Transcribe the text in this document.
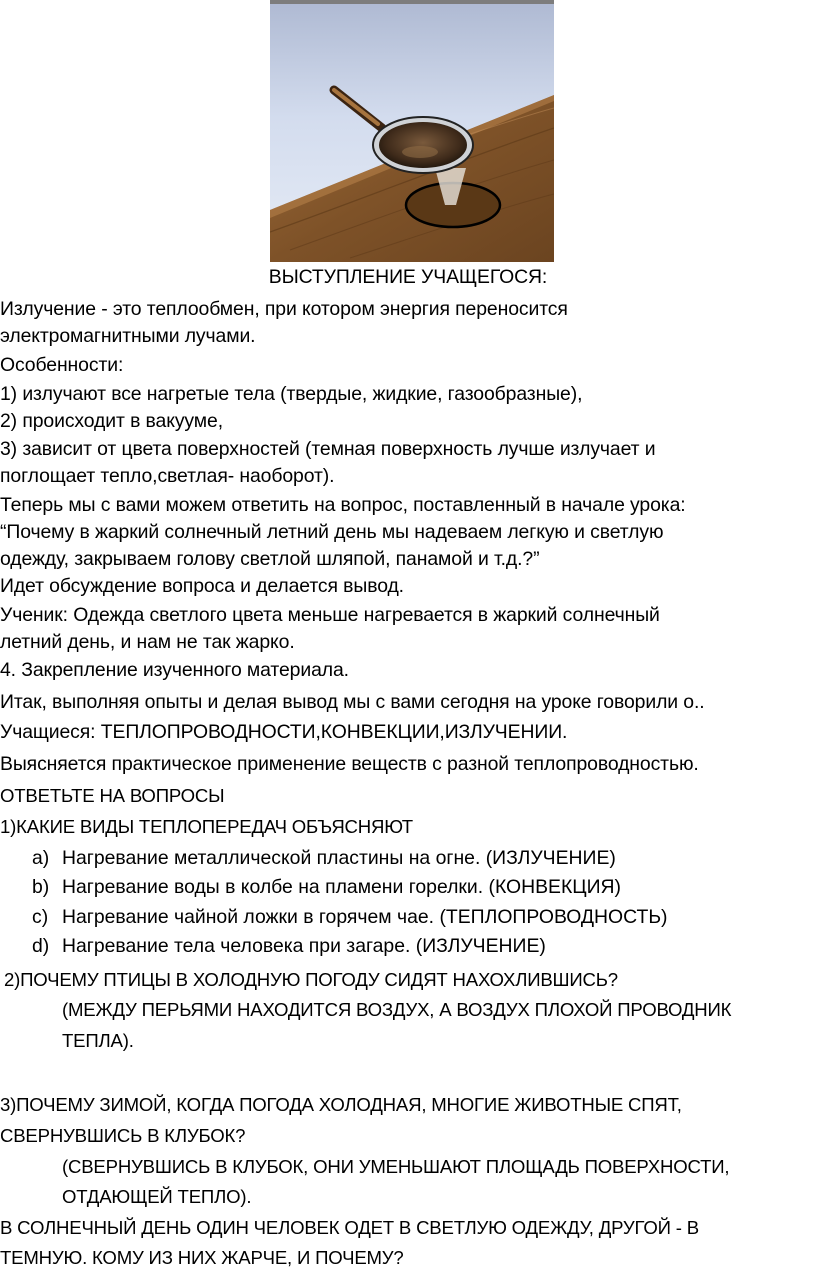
ВЫСТУПЛЕНИЕ УЧАЩЕГОСЯ:
Излучение - это теплообмен, при котором энергия переносится
электромагнитными лучами.
Особенности:
1) излучают все нагретые тела (твердые, жидкие, газообразные),
2) происходит в вакууме,
3) зависит от цвета поверхностей (темная поверхность лучше излучает и
поглощает тепло,светлая- наоборот).
Теперь мы с вами можем ответить на вопрос, поставленный в начале урока:
“Почему в жаркий солнечный летний день мы надеваем легкую и светлую
одежду, закрываем голову светлой шляпой, панамой и т.д.?”
Идет обсуждение вопроса и делается вывод.
Ученик: Одежда светлого цвета меньше нагревается в жаркий солнечный
летний день, и нам не так жарко.
4. Закрепление изученного материала.
Итак, выполняя опыты и делая вывод мы с вами сегодня на уроке говорили о..
Учащиеся: ТЕПЛОПРОВОДНОСТИ,КОНВЕКЦИИ,ИЗЛУЧЕНИИ.
Выясняется практическое применение веществ с разной теплопроводностью.
ОТВЕТЬТЕ НА ВОПРОСЫ
1)КАКИЕ ВИДЫ ТЕПЛОПЕРЕДАЧ ОБЪЯСНЯЮТ
a) Нагревание металлической пластины на огне. (ИЗЛУЧЕНИЕ)
b) Нагревание воды в колбе на пламени горелки. (КОНВЕКЦИЯ)
c) Нагревание чайной ложки в горячем чае. (ТЕПЛОПРОВОДНОСТЬ)
d) Нагревание тела человека при загаре. (ИЗЛУЧЕНИЕ)
2)ПОЧЕМУ ПТИЦЫ В ХОЛОДНУЮ ПОГОДУ СИДЯТ НАХОХЛИВШИСЬ?
(МЕЖДУ ПЕРЬЯМИ НАХОДИТСЯ ВОЗДУХ, А ВОЗДУХ ПЛОХОЙ ПРОВОДНИК
ТЕПЛА).
3)ПОЧЕМУ ЗИМОЙ, КОГДА ПОГОДА ХОЛОДНАЯ, МНОГИЕ ЖИВОТНЫЕ СПЯТ,
СВЕРНУВШИСЬ В КЛУБОК?
(СВЕРНУВШИСЬ В КЛУБОК, ОНИ УМЕНЬШАЮТ ПЛОЩАДЬ ПОВЕРХНОСТИ,
ОТДАЮЩЕЙ ТЕПЛО).
В СОЛНЕЧНЫЙ ДЕНЬ ОДИН ЧЕЛОВЕК ОДЕТ В СВЕТЛУЮ ОДЕЖДУ, ДРУГОЙ - В
ТЕМНУЮ. КОМУ ИЗ НИХ ЖАРЧЕ, И ПОЧЕМУ?
